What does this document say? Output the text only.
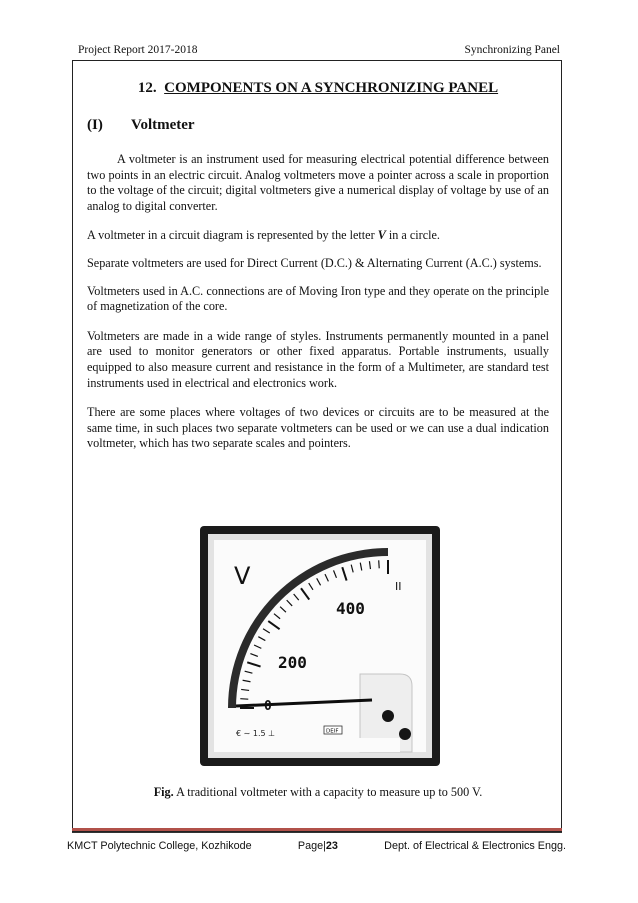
Project Report 2017-2018	Synchronizing Panel
12. COMPONENTS ON A SYNCHRONIZING PANEL
(I)	Voltmeter

A voltmeter is an instrument used for measuring electrical potential difference between two points in an electric circuit. Analog voltmeters move a pointer across a scale in proportion to the voltage of the circuit; digital voltmeters give a numerical display of voltage by use of an analog to digital converter.

A voltmeter in a circuit diagram is represented by the letter V in a circle.

Separate voltmeters are used for Direct Current (D.C.) & Alternating Current (A.C.) systems.

Voltmeters used in A.C. connections are of Moving Iron type and they operate on the principle of magnetization of the core.

Voltmeters are made in a wide range of styles. Instruments permanently mounted in a panel are used to monitor generators or other fixed apparatus. Portable instruments, usually equipped to also measure current and resistance in the form of a Multimeter, are standard test instruments used in electrical and electronics work.

There are some places where voltages of two devices or circuits are to be measured at the same time, in such places two separate voltmeters can be used or we can use a dual indication voltmeter, which has two separate scales and pointers.

V
0
200
400
II
€ ∼ 1.5 ⊥	DEIF
Fig. A traditional voltmeter with a capacity to measure up to 500 V.
KMCT Polytechnic College, Kozhikode	Page|23	Dept. of Electrical & Electronics Engg.
